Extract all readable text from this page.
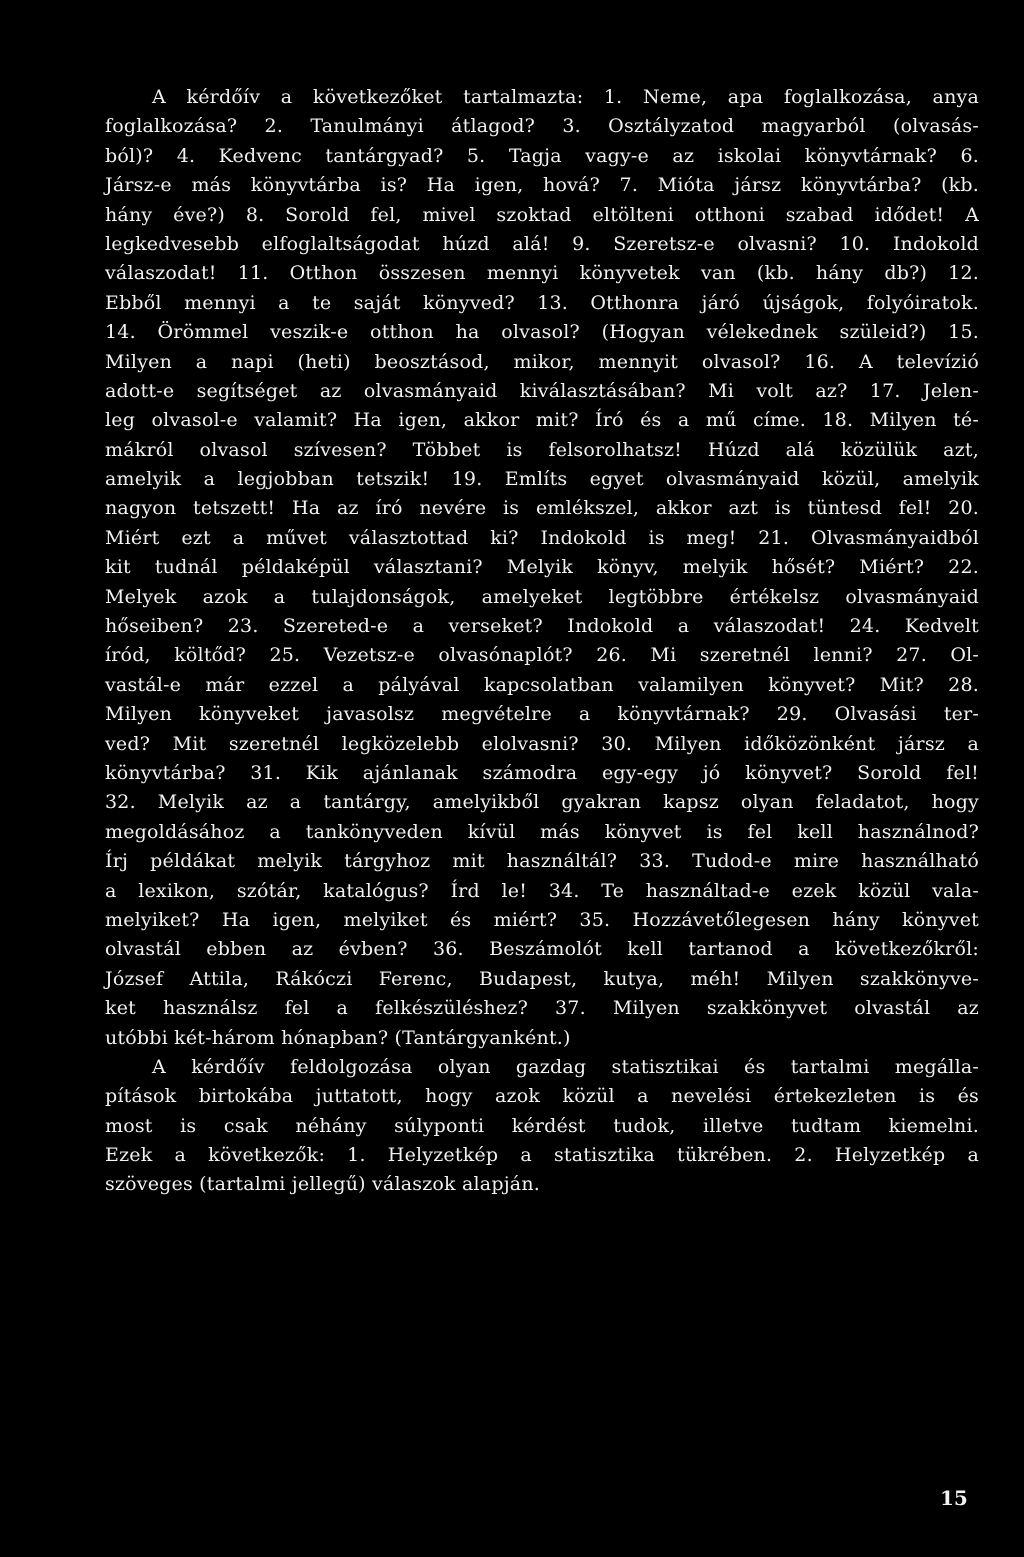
A kérdőív a következőket tartalmazta: 1. Neme, apa foglalkozása, anya
foglalkozása? 2. Tanulmányi átlagod? 3. Osztályzatod magyarból (olvasás-
ból)? 4. Kedvenc tantárgyad? 5. Tagja vagy-e az iskolai könyvtárnak? 6.
Jársz-e más könyvtárba is? Ha igen, hová? 7. Mióta jársz könyvtárba? (kb.
hány éve?) 8. Sorold fel, mivel szoktad eltölteni otthoni szabad idődet! A
legkedvesebb elfoglaltságodat húzd alá! 9. Szeretsz-e olvasni? 10. Indokold
válaszodat! 11. Otthon összesen mennyi könyvetek van (kb. hány db?) 12.
Ebből mennyi a te saját könyved? 13. Otthonra járó újságok, folyóiratok.
14. Örömmel veszik-e otthon ha olvasol? (Hogyan vélekednek szüleid?) 15.
Milyen a napi (heti) beosztásod, mikor, mennyit olvasol? 16. A televízió
adott-e segítséget az olvasmányaid kiválasztásában? Mi volt az? 17. Jelen-
leg olvasol-e valamit? Ha igen, akkor mit? Író és a mű címe. 18. Milyen té-
mákról olvasol szívesen? Többet is felsorolhatsz! Húzd alá közülük azt,
amelyik a legjobban tetszik! 19. Említs egyet olvasmányaid közül, amelyik
nagyon tetszett! Ha az író nevére is emlékszel, akkor azt is tüntesd fel! 20.
Miért ezt a művet választottad ki? Indokold is meg! 21. Olvasmányaidból
kit tudnál példaképül választani? Melyik könyv, melyik hősét? Miért? 22.
Melyek azok a tulajdonságok, amelyeket legtöbbre értékelsz olvasmányaid
hőseiben? 23. Szereted-e a verseket? Indokold a válaszodat! 24. Kedvelt
íród, költőd? 25. Vezetsz-e olvasónaplót? 26. Mi szeretnél lenni? 27. Ol-
vastál-e már ezzel a pályával kapcsolatban valamilyen könyvet? Mit? 28.
Milyen könyveket javasolsz megvételre a könyvtárnak? 29. Olvasási ter-
ved? Mit szeretnél legközelebb elolvasni? 30. Milyen időközönként jársz a
könyvtárba? 31. Kik ajánlanak számodra egy-egy jó könyvet? Sorold fel!
32. Melyik az a tantárgy, amelyikből gyakran kapsz olyan feladatot, hogy
megoldásához a tankönyveden kívül más könyvet is fel kell használnod?
Írj példákat melyik tárgyhoz mit használtál? 33. Tudod-e mire használható
a lexikon, szótár, katalógus? Írd le! 34. Te használtad-e ezek közül vala-
melyiket? Ha igen, melyiket és miért? 35. Hozzávetőlegesen hány könyvet
olvastál ebben az évben? 36. Beszámolót kell tartanod a következőkről:
József Attila, Rákóczi Ferenc, Budapest, kutya, méh! Milyen szakkönyve-
ket használsz fel a felkészüléshez? 37. Milyen szakkönyvet olvastál az
utóbbi két-három hónapban? (Tantárgyanként.)
A kérdőív feldolgozása olyan gazdag statisztikai és tartalmi megálla-
pítások birtokába juttatott, hogy azok közül a nevelési értekezleten is és
most is csak néhány súlyponti kérdést tudok, illetve tudtam kiemelni.
Ezek a következők: 1. Helyzetkép a statisztika tükrében. 2. Helyzetkép a
szöveges (tartalmi jellegű) válaszok alapján.
15
